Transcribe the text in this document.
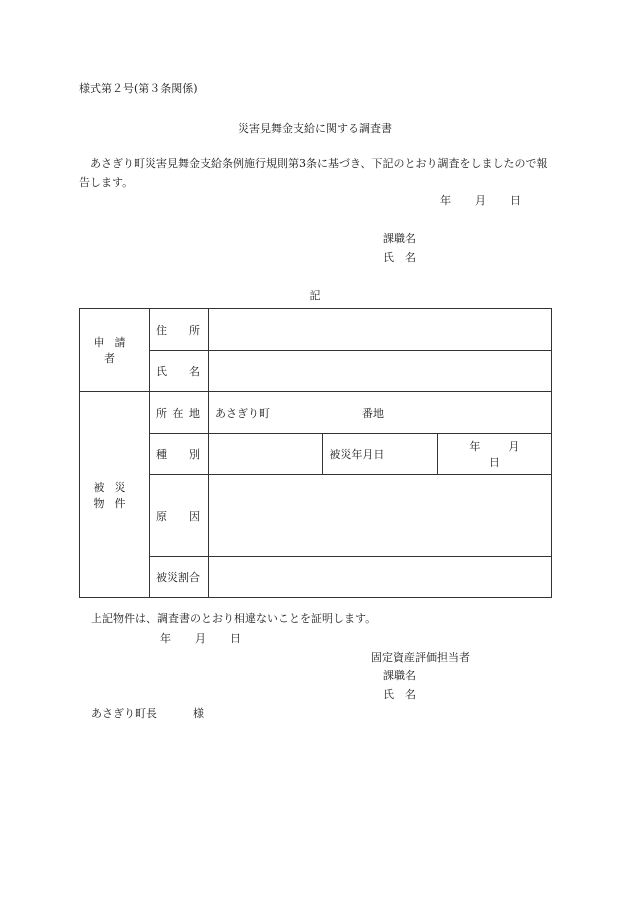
様式第２号(第３条関係)
災害見舞金支給に関する調査書
あさぎり町災害見舞金支給条例施行規則第3条に基づき、下記のとおり調査をしましたので報告します。
年 月 日
課職名
氏　名
記
申請者	住 所			

	氏 名			

被災物件	所 在 地	あさぎり町 番地		

	種 別		被災年月日	年 月日

	原 因			

	被災割合			
上記物件は、調査書のとおり相違ないことを証明します。
年 月 日
固定資産評価担当者
課職名
氏　名
あさぎり町長	様
